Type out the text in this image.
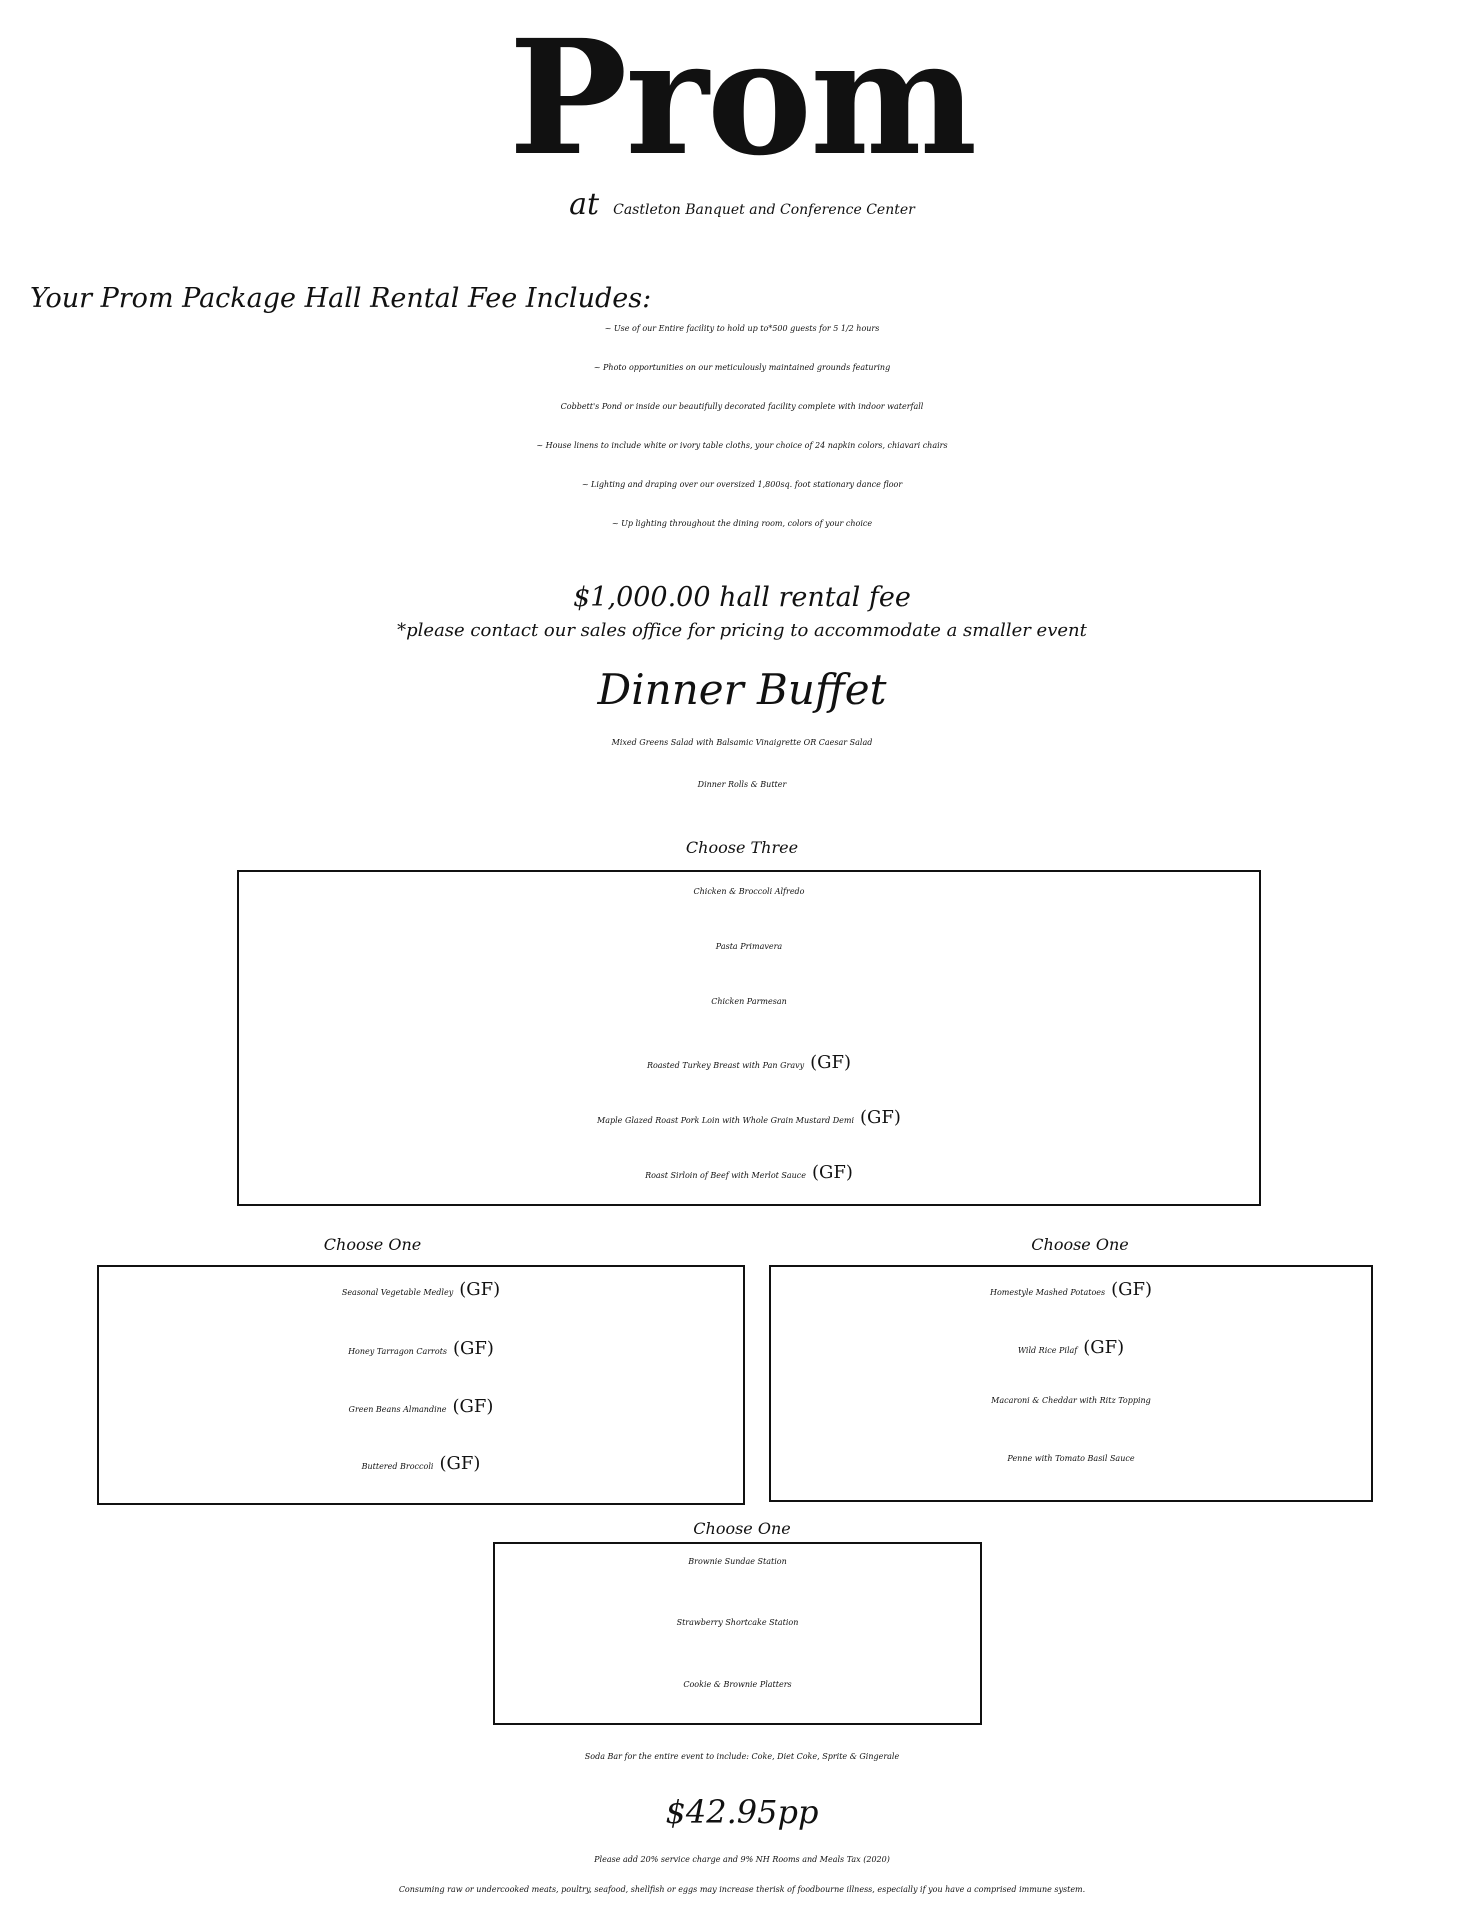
Prom
at Castleton Banquet and Conference Center
Your Prom Package Hall Rental Fee Includes:
~ Use of our Entire facility to hold up to*500 guests for 5 1/2 hours
~ Photo opportunities on our meticulously maintained grounds featuring
Cobbett's Pond or inside our beautifully decorated facility complete with indoor waterfall
~ House linens to include white or ivory table cloths, your choice of 24 napkin colors, chiavari chairs
~ Lighting and draping over our oversized 1,800sq. foot stationary dance floor
~ Up lighting throughout the dining room, colors of your choice
$1,000.00 hall rental fee
*please contact our sales office for pricing to accommodate a smaller event
Dinner Buffet
Mixed Greens Salad with Balsamic Vinaigrette OR Caesar Salad
Dinner Rolls & Butter
Choose Three
Chicken & Broccoli Alfredo
Pasta Primavera
Chicken Parmesan
Roasted Turkey Breast with Pan Gravy (GF)
Maple Glazed Roast Pork Loin with Whole Grain Mustard Demi (GF)
Roast Sirloin of Beef with Merlot Sauce (GF)
Choose One
Seasonal Vegetable Medley (GF)
Honey Tarragon Carrots (GF)
Green Beans Almandine (GF)
Buttered Broccoli (GF)
Choose One
Homestyle Mashed Potatoes (GF)
Wild Rice Pilaf (GF)
Macaroni & Cheddar with Ritz Topping
Penne with Tomato Basil Sauce
Choose One
Brownie Sundae Station
Strawberry Shortcake Station
Cookie & Brownie Platters
Soda Bar for the entire event to include: Coke, Diet Coke, Sprite & Gingerale
$42.95pp
Please add 20% service charge and 9% NH Rooms and Meals Tax (2020)
Consuming raw or undercooked meats, poultry, seafood, shellfish or eggs may increase therisk of foodbourne illness, especially if you have a comprised immune system.
